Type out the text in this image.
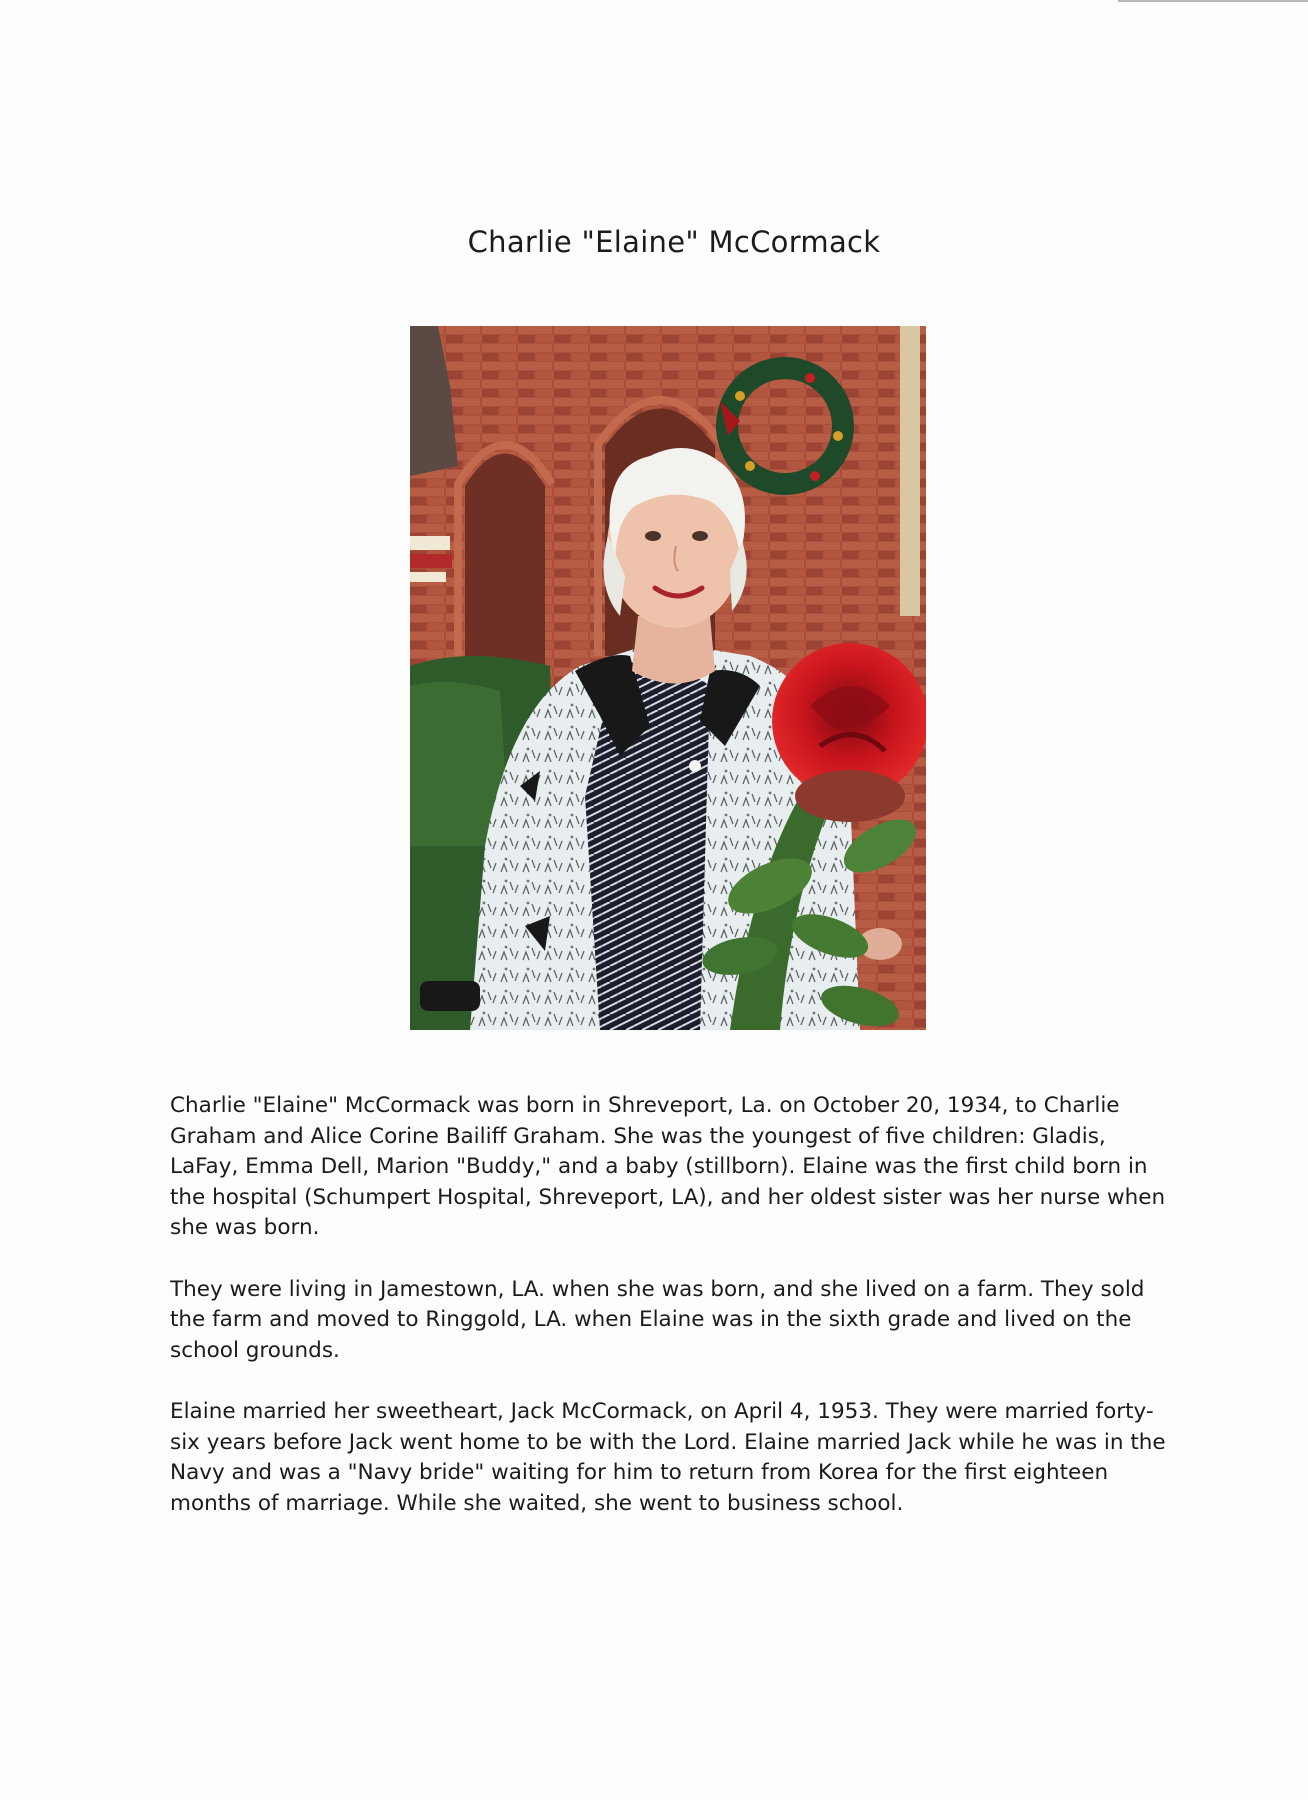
Charlie "Elaine" McCormack

Charlie "Elaine" McCormack was born in Shreveport, La. on October 20, 1934, to Charlie Graham and Alice Corine Bailiff Graham. She was the youngest of five children: Gladis, LaFay, Emma Dell, Marion "Buddy," and a baby (stillborn). Elaine was the first child born in the hospital (Schumpert Hospital, Shreveport, LA), and her oldest sister was her nurse when she was born.

They were living in Jamestown, LA. when she was born, and she lived on a farm. They sold the farm and moved to Ringgold, LA. when Elaine was in the sixth grade and lived on the school grounds.

Elaine married her sweetheart, Jack McCormack, on April 4, 1953. They were married forty-six years before Jack went home to be with the Lord. Elaine married Jack while he was in the Navy and was a "Navy bride" waiting for him to return from Korea for the first eighteen months of marriage. While she waited, she went to business school.
